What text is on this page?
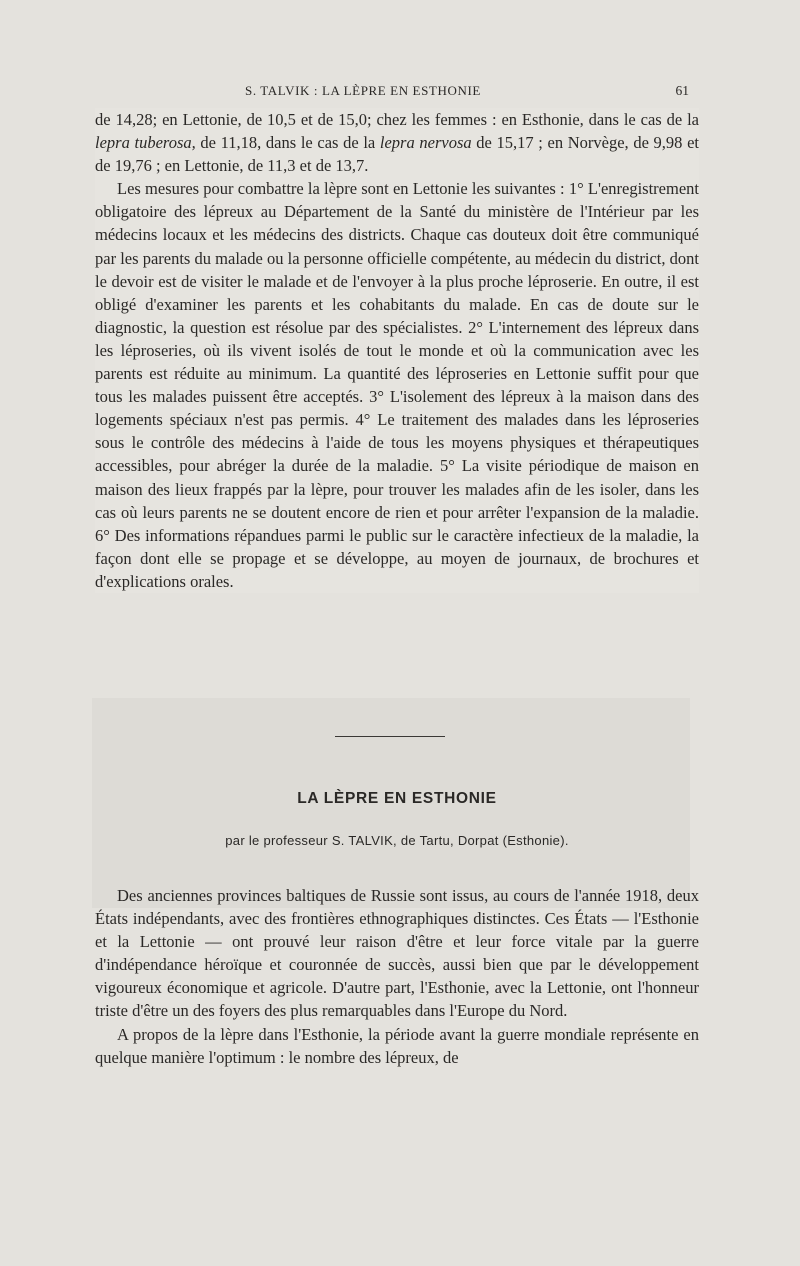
S. TALVIK : LA LÈPRE EN ESTHONIE	61

de 14,28; en Lettonie, de 10,5 et de 15,0; chez les femmes : en Esthonie, dans le cas de la lepra tuberosa, de 11,18, dans le cas de la lepra nervosa de 15,17 ; en Norvège, de 9,98 et de 19,76 ; en Lettonie, de 11,3 et de 13,7.

Les mesures pour combattre la lèpre sont en Lettonie les suivantes : 1° L'enregistrement obligatoire des lépreux au Département de la Santé du ministère de l'Intérieur par les médecins locaux et les médecins des districts. Chaque cas douteux doit être communiqué par les parents du malade ou la personne officielle compétente, au médecin du district, dont le devoir est de visiter le malade et de l'envoyer à la plus proche léproserie. En outre, il est obligé d'examiner les parents et les cohabitants du malade. En cas de doute sur le diagnostic, la question est résolue par des spécialistes. 2° L'internement des lépreux dans les léproseries, où ils vivent isolés de tout le monde et où la communication avec les parents est réduite au minimum. La quantité des léproseries en Lettonie suffit pour que tous les malades puissent être acceptés. 3° L'isolement des lépreux à la maison dans des logements spéciaux n'est pas permis. 4° Le traitement des malades dans les léproseries sous le contrôle des médecins à l'aide de tous les moyens physiques et thérapeutiques accessibles, pour abréger la durée de la maladie. 5° La visite périodique de maison en maison des lieux frappés par la lèpre, pour trouver les malades afin de les isoler, dans les cas où leurs parents ne se doutent encore de rien et pour arrêter l'expansion de la maladie. 6° Des informations répandues parmi le public sur le caractère infectieux de la maladie, la façon dont elle se propage et se développe, au moyen de journaux, de brochures et d'explications orales.

LA LÈPRE EN ESTHONIE
par le professeur S. TALVIK, de Tartu, Dorpat (Esthonie).

Des anciennes provinces baltiques de Russie sont issus, au cours de l'année 1918, deux États indépendants, avec des frontières ethnographiques distinctes. Ces États — l'Esthonie et la Lettonie — ont prouvé leur raison d'être et leur force vitale par la guerre d'indépendance héroïque et couronnée de succès, aussi bien que par le développement vigoureux économique et agricole. D'autre part, l'Esthonie, avec la Lettonie, ont l'honneur triste d'être un des foyers des plus remarquables dans l'Europe du Nord.

A propos de la lèpre dans l'Esthonie, la période avant la guerre mondiale représente en quelque manière l'optimum : le nombre des lépreux, de
